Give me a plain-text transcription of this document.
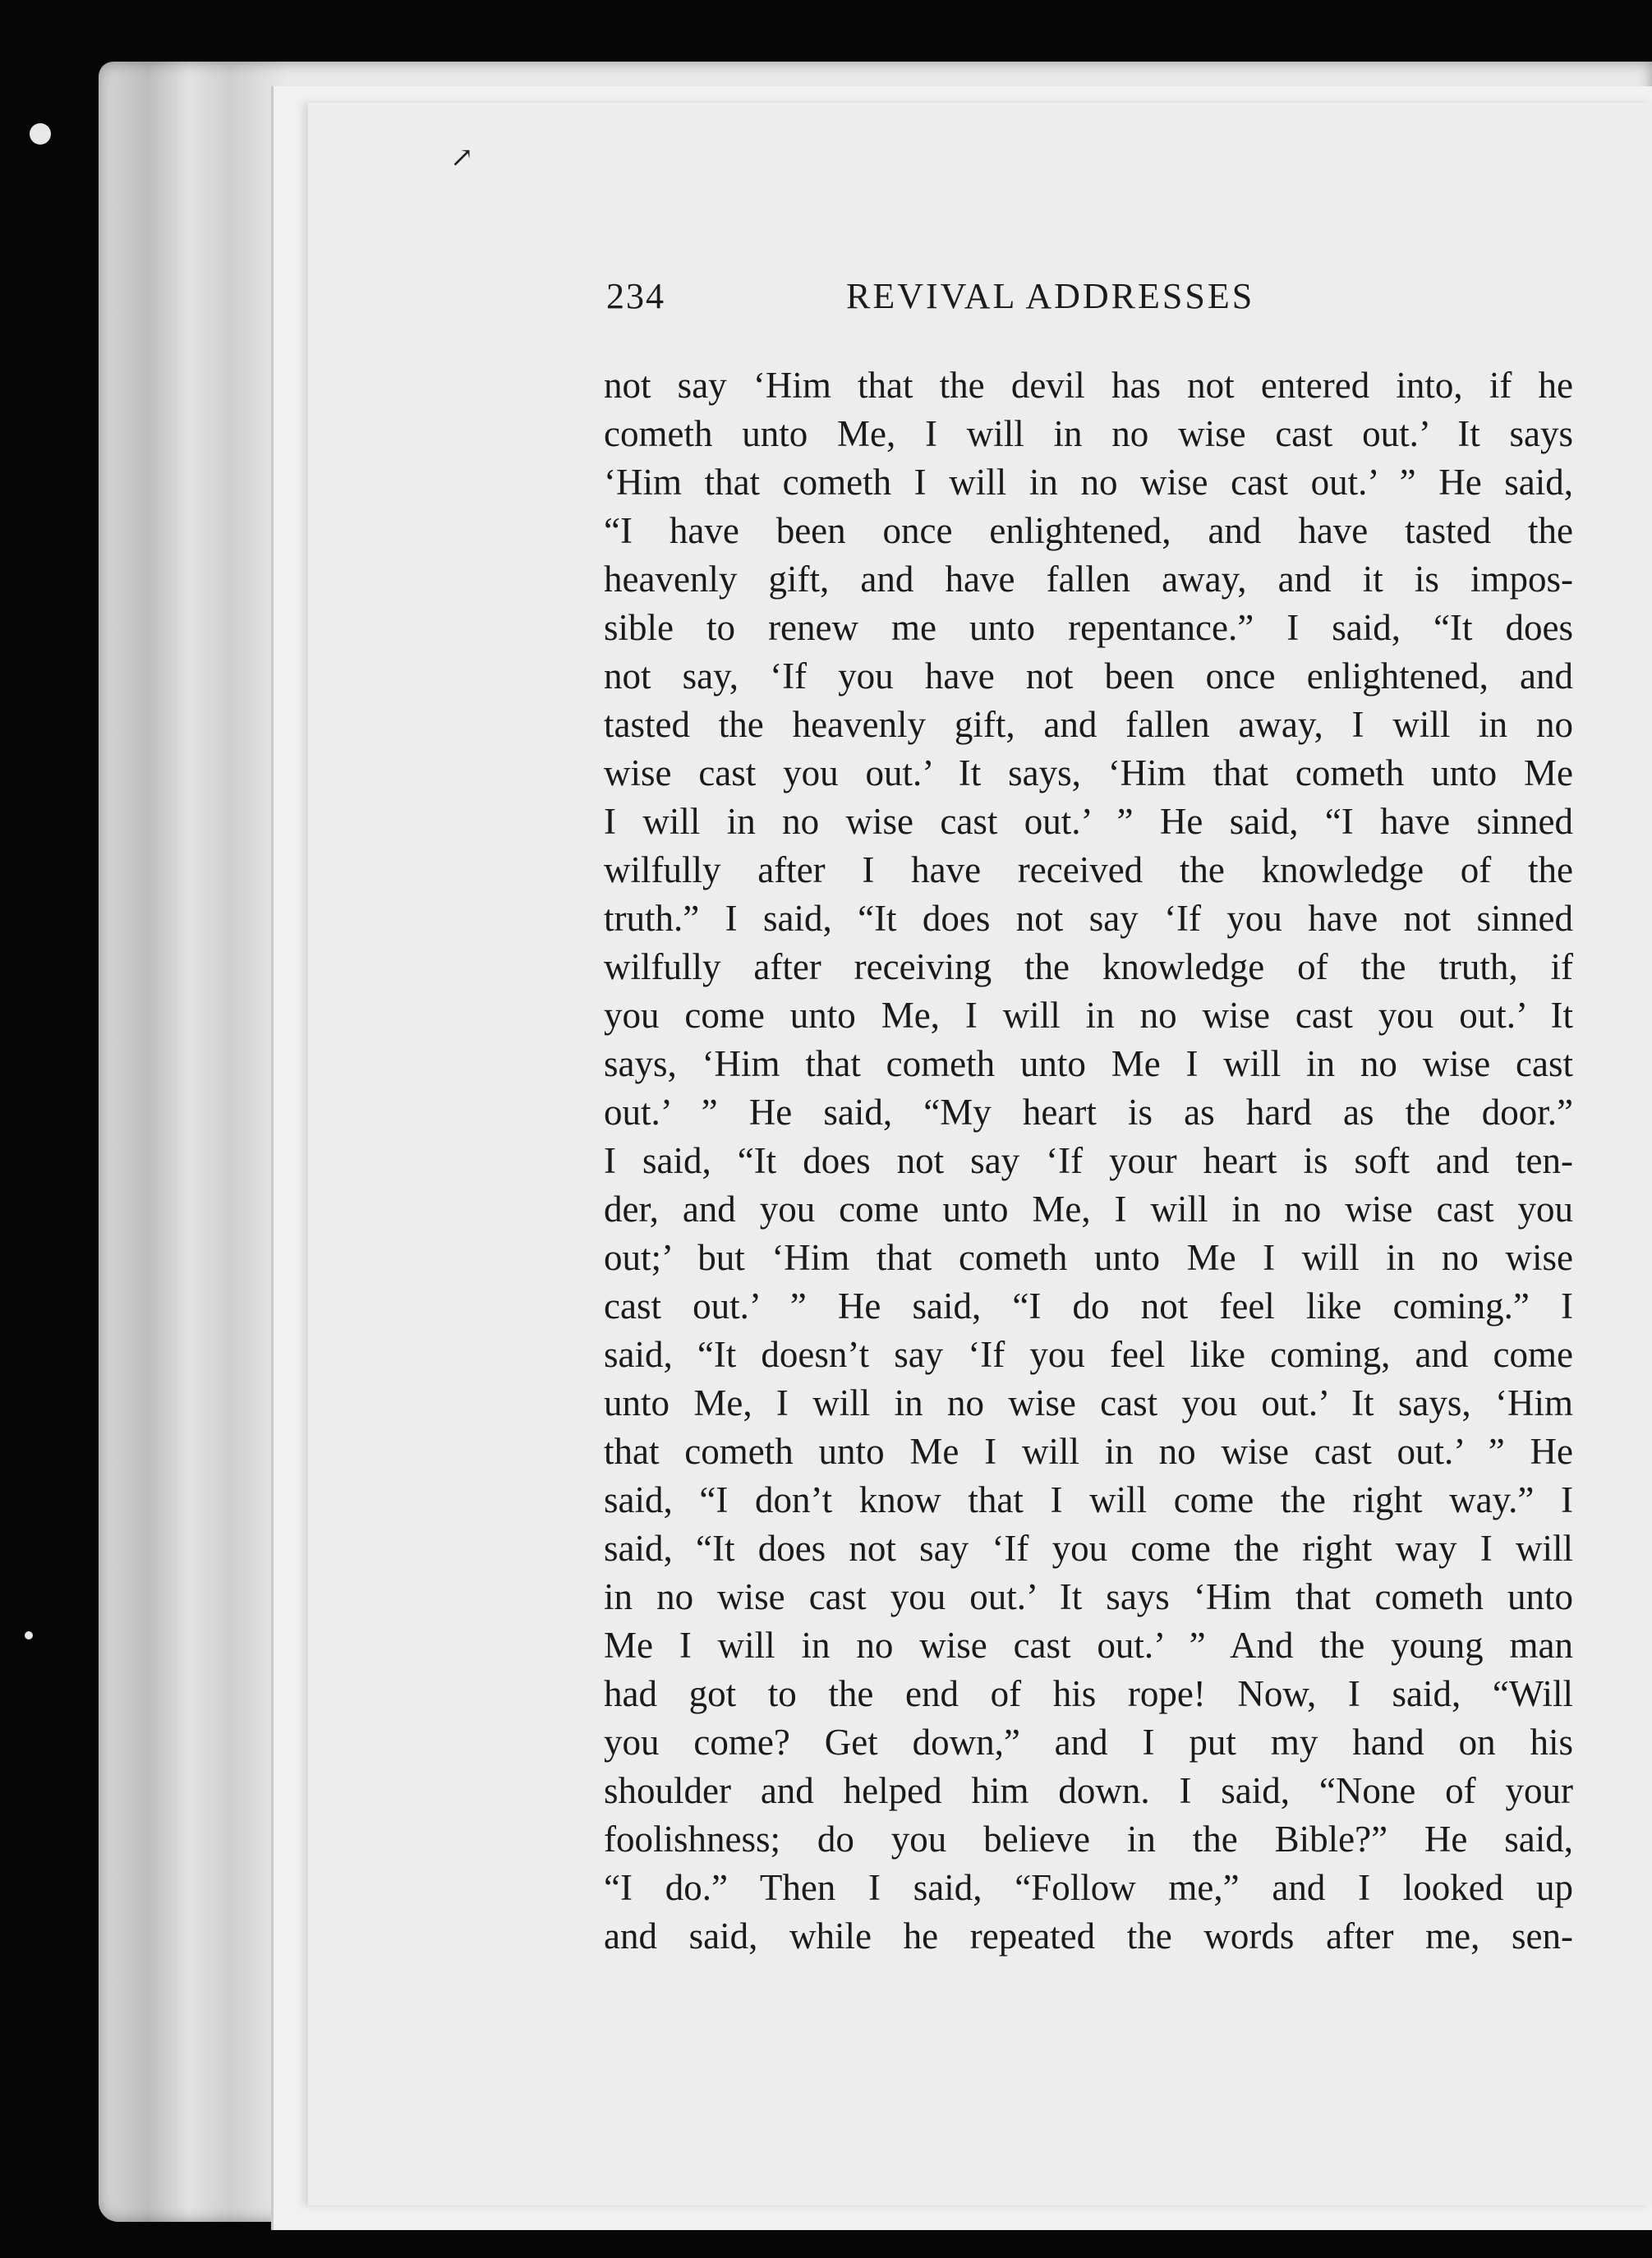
↗
234	REVIVAL ADDRESSES
not say ‘Him that the devil has not entered into, if he
cometh unto Me, I will in no wise cast out.’ It says
‘Him that cometh I will in no wise cast out.’ ” He said,
“I have been once enlightened, and have tasted the
heavenly gift, and have fallen away, and it is impos-
sible to renew me unto repentance.” I said, “It does
not say, ‘If you have not been once enlightened, and
tasted the heavenly gift, and fallen away, I will in no
wise cast you out.’ It says, ‘Him that cometh unto Me
I will in no wise cast out.’ ” He said, “I have sinned
wilfully after I have received the knowledge of the
truth.” I said, “It does not say ‘If you have not sinned
wilfully after receiving the knowledge of the truth, if
you come unto Me, I will in no wise cast you out.’ It
says, ‘Him that cometh unto Me I will in no wise cast
out.’ ” He said, “My heart is as hard as the door.”
I said, “It does not say ‘If your heart is soft and ten-
der, and you come unto Me, I will in no wise cast you
out;’ but ‘Him that cometh unto Me I will in no wise
cast out.’ ” He said, “I do not feel like coming.” I
said, “It doesn’t say ‘If you feel like coming, and come
unto Me, I will in no wise cast you out.’ It says, ‘Him
that cometh unto Me I will in no wise cast out.’ ” He
said, “I don’t know that I will come the right way.” I
said, “It does not say ‘If you come the right way I will
in no wise cast you out.’ It says ‘Him that cometh unto
Me I will in no wise cast out.’ ” And the young man
had got to the end of his rope! Now, I said, “Will
you come? Get down,” and I put my hand on his
shoulder and helped him down. I said, “None of your
foolishness; do you believe in the Bible?” He said,
“I do.” Then I said, “Follow me,” and I looked up
and said, while he repeated the words after me, sen-
